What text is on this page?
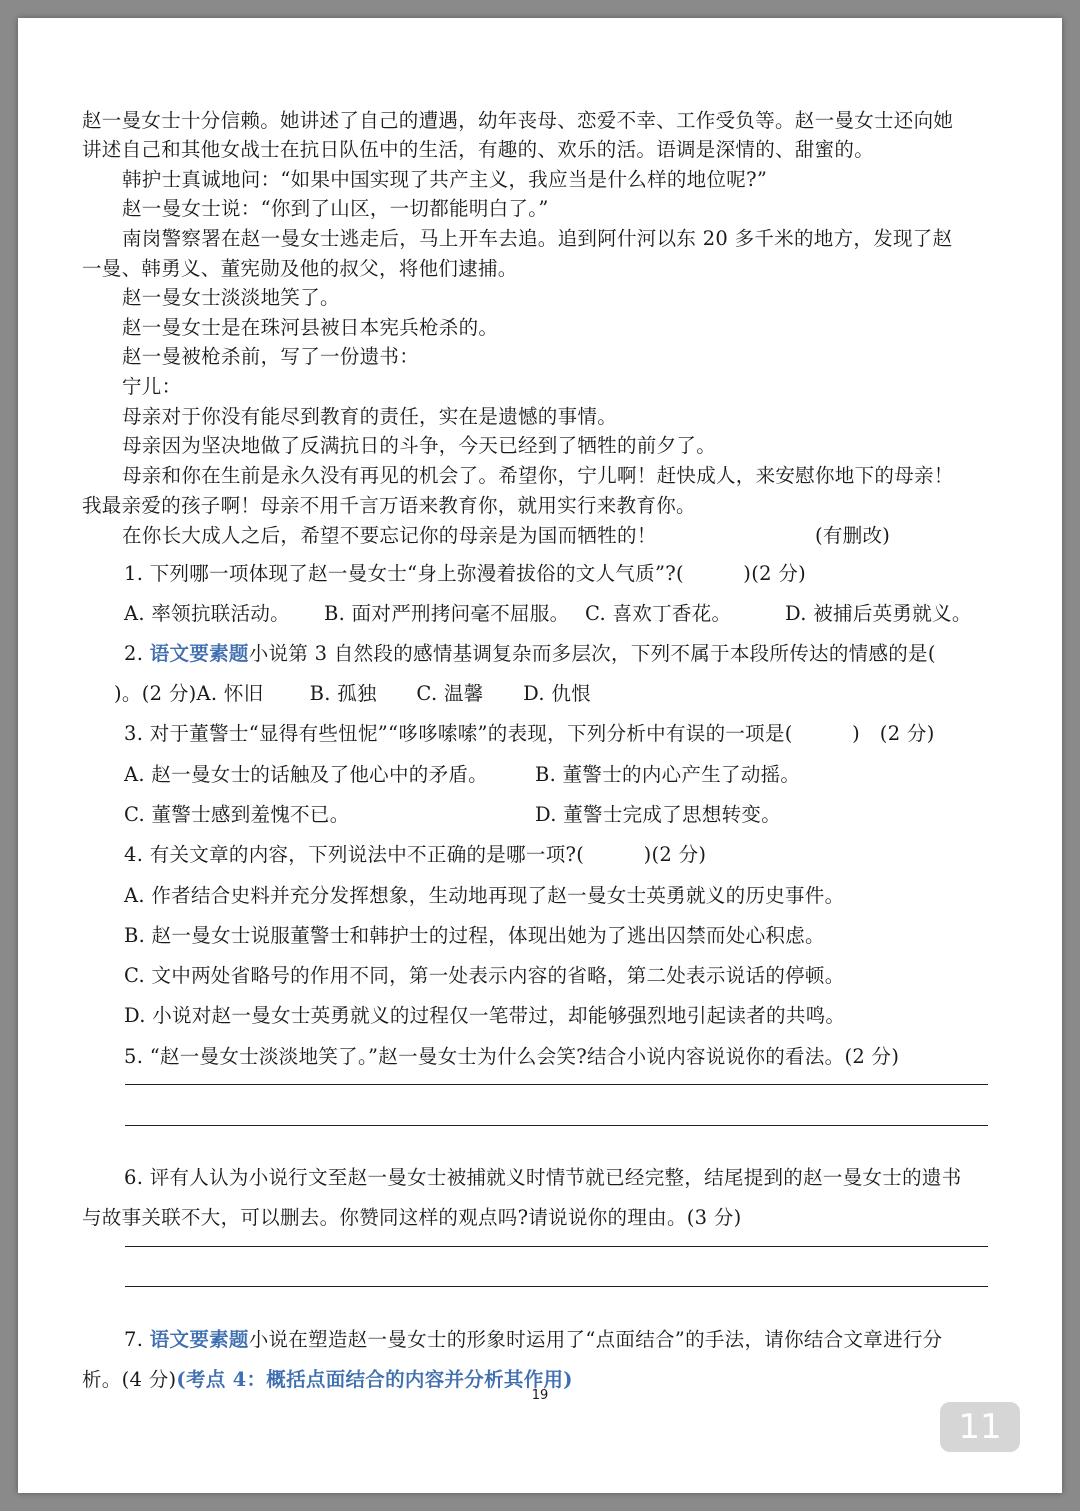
赵一曼女士十分信赖。她讲述了自己的遭遇，幼年丧母、恋爱不幸、工作受负等。赵一曼女士还向她
讲述自己和其他女战士在抗日队伍中的生活，有趣的、欢乐的活。语调是深情的、甜蜜的。
韩护士真诚地问：“如果中国实现了共产主义，我应当是什么样的地位呢?”
赵一曼女士说：“你到了山区，一切都能明白了。”
南岗警察署在赵一曼女士逃走后，马上开车去追。追到阿什河以东 20 多千米的地方，发现了赵
一曼、韩勇义、董宪勋及他的叔父，将他们逮捕。
赵一曼女士淡淡地笑了。
赵一曼女士是在珠河县被日本宪兵枪杀的。
赵一曼被枪杀前，写了一份遗书：
宁儿：
母亲对于你没有能尽到教育的责任，实在是遗憾的事情。
母亲因为坚决地做了反满抗日的斗争，今天已经到了牺牲的前夕了。
母亲和你在生前是永久没有再见的机会了。希望你，宁儿啊！赶快成人，来安慰你地下的母亲！
我最亲爱的孩子啊！母亲不用千言万语来教育你，就用实行来教育你。
在你长大成人之后，希望不要忘记你的母亲是为国而牺牲的！	(有删改)
1. 下列哪一项体现了赵一曼女士“身上弥漫着拔俗的文人气质”?(　　　)(2 分)
A. 率领抗联活动。 B. 面对严刑拷问毫不屈服。 C. 喜欢丁香花。	D. 被捕后英勇就义。
2. 语文要素题小说第 3 自然段的感情基调复杂而多层次，下列不属于本段所传达的情感的是(
)。(2 分)A. 怀旧　　 B. 孤独　　C. 温馨　　D. 仇恨
3. 对于董警士“显得有些忸怩”“哆哆嗦嗦”的表现，下列分析中有误的一项是(　　　)　(2 分)
A. 赵一曼女士的话触及了他心中的矛盾。 B. 董警士的内心产生了动摇。
C. 董警士感到羞愧不已。	D. 董警士完成了思想转变。
4. 有关文章的内容，下列说法中不正确的是哪一项?(　　　)(2 分)
A. 作者结合史料并充分发挥想象，生动地再现了赵一曼女士英勇就义的历史事件。
B. 赵一曼女士说服董警士和韩护士的过程，体现出她为了逃出囚禁而处心积虑。
C. 文中两处省略号的作用不同，第一处表示内容的省略，第二处表示说话的停顿。
D. 小说对赵一曼女士英勇就义的过程仅一笔带过，却能够强烈地引起读者的共鸣。
5. “赵一曼女士淡淡地笑了。”赵一曼女士为什么会笑?结合小说内容说说你的看法。(2 分)
6. 评有人认为小说行文至赵一曼女士被捕就义时情节就已经完整，结尾提到的赵一曼女士的遗书
与故事关联不大，可以删去。你赞同这样的观点吗?请说说你的理由。(3 分)
7. 语文要素题小说在塑造赵一曼女士的形象时运用了“点面结合”的手法，请你结合文章进行分
析。(4 分)(考点 4：概括点面结合的内容并分析其作用)
19
11
